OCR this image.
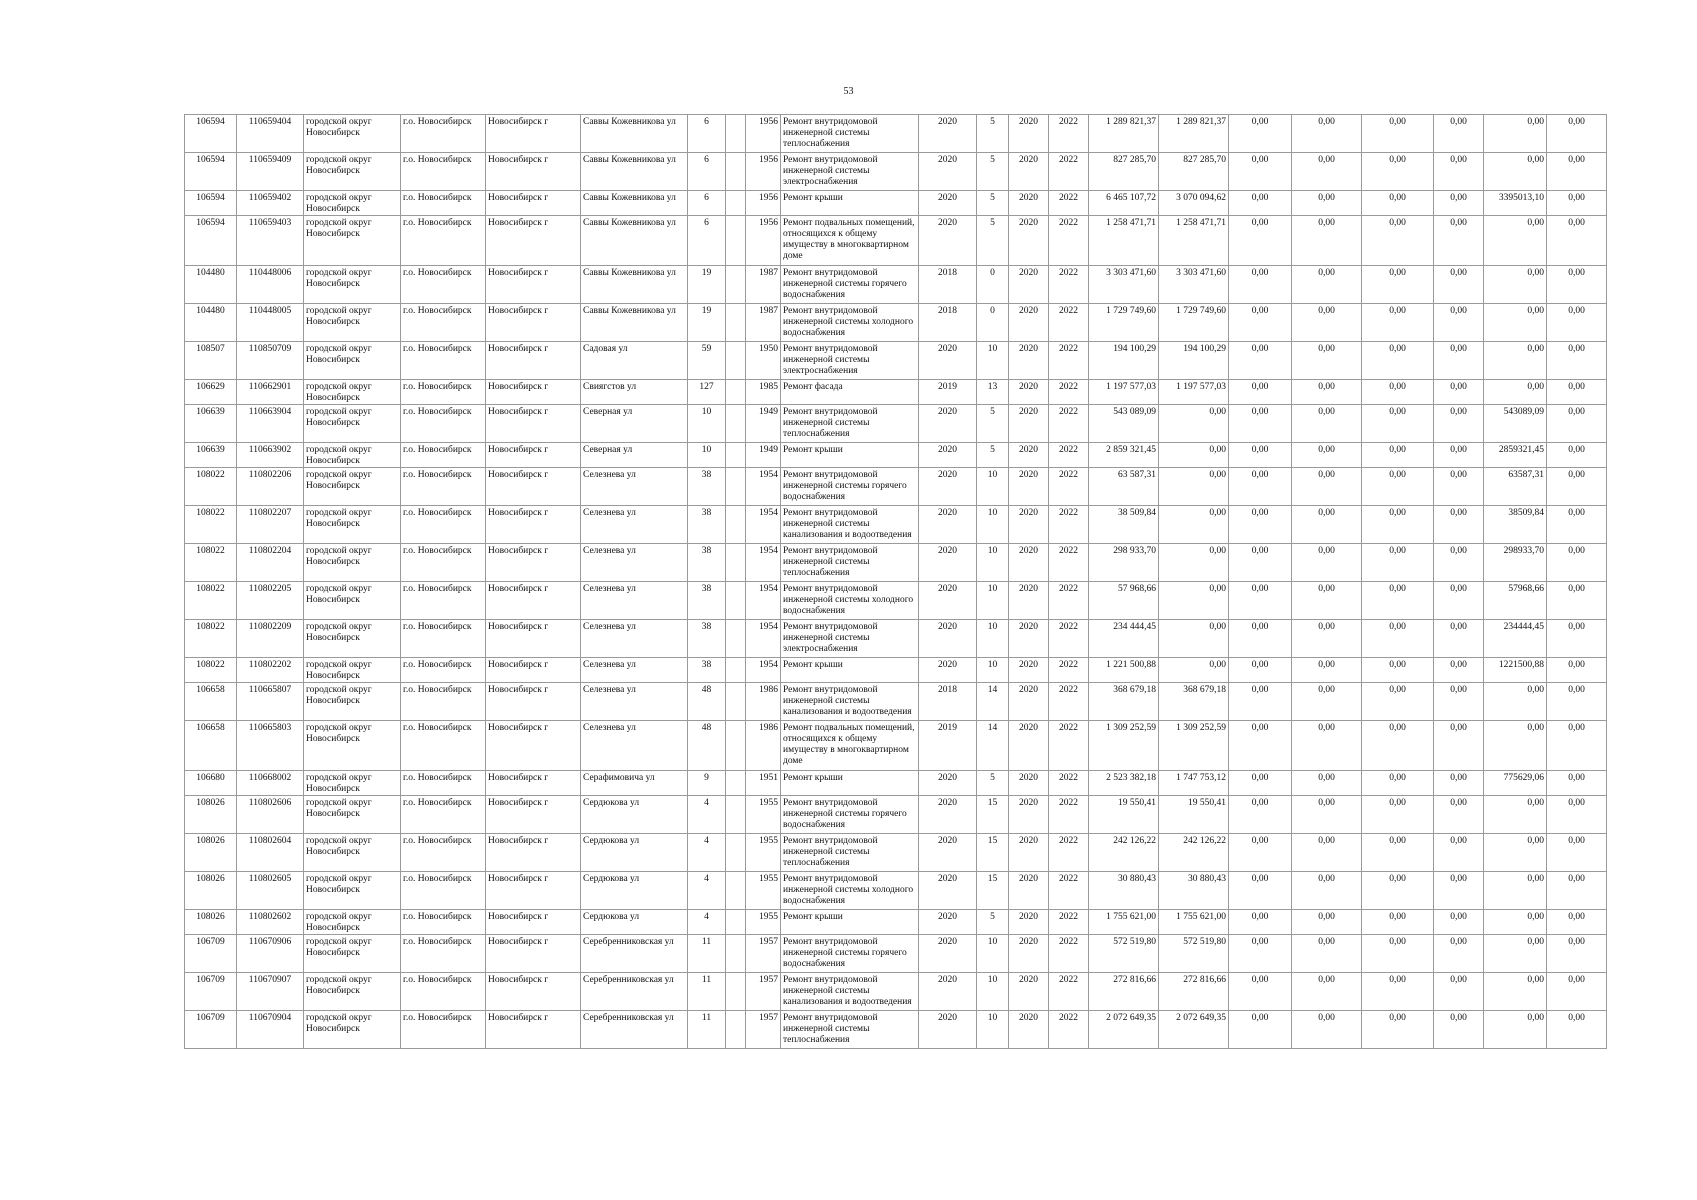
53
106594	110659404	городской округ Новосибирск	г.о. Новосибирск	Новосибирск г	Саввы Кожевникова ул	6		1956	Ремонт внутридомовой инженерной системы теплоснабжения	2020	5	2020	2022	1 289 821,37	1 289 821,37	0,00	0,00	0,00	0,00	0,00	0,00
106594	110659409	городской округ Новосибирск	г.о. Новосибирск	Новосибирск г	Саввы Кожевникова ул	6		1956	Ремонт внутридомовой инженерной системы электроснабжения	2020	5	2020	2022	827 285,70	827 285,70	0,00	0,00	0,00	0,00	0,00	0,00
106594	110659402	городской округ Новосибирск	г.о. Новосибирск	Новосибирск г	Саввы Кожевникова ул	6		1956	Ремонт крыши	2020	5	2020	2022	6 465 107,72	3 070 094,62	0,00	0,00	0,00	0,00	3395013,10	0,00
106594	110659403	городской округ Новосибирск	г.о. Новосибирск	Новосибирск г	Саввы Кожевникова ул	6		1956	Ремонт подвальных помещений, относящихся к общему имуществу в многоквартирном доме	2020	5	2020	2022	1 258 471,71	1 258 471,71	0,00	0,00	0,00	0,00	0,00	0,00
104480	110448006	городской округ Новосибирск	г.о. Новосибирск	Новосибирск г	Саввы Кожевникова ул	19		1987	Ремонт внутридомовой инженерной системы горячего водоснабжения	2018	0	2020	2022	3 303 471,60	3 303 471,60	0,00	0,00	0,00	0,00	0,00	0,00
104480	110448005	городской округ Новосибирск	г.о. Новосибирск	Новосибирск г	Саввы Кожевникова ул	19		1987	Ремонт внутридомовой инженерной системы холодного водоснабжения	2018	0	2020	2022	1 729 749,60	1 729 749,60	0,00	0,00	0,00	0,00	0,00	0,00
108507	110850709	городской округ Новосибирск	г.о. Новосибирск	Новосибирск г	Садовая ул	59		1950	Ремонт внутридомовой инженерной системы электроснабжения	2020	10	2020	2022	194 100,29	194 100,29	0,00	0,00	0,00	0,00	0,00	0,00
106629	110662901	городской округ Новосибирск	г.о. Новосибирск	Новосибирск г	Свиягстов ул	127		1985	Ремонт фасада	2019	13	2020	2022	1 197 577,03	1 197 577,03	0,00	0,00	0,00	0,00	0,00	0,00
106639	110663904	городской округ Новосибирск	г.о. Новосибирск	Новосибирск г	Северная ул	10		1949	Ремонт внутридомовой инженерной системы теплоснабжения	2020	5	2020	2022	543 089,09	0,00	0,00	0,00	0,00	0,00	543089,09	0,00
106639	110663902	городской округ Новосибирск	г.о. Новосибирск	Новосибирск г	Северная ул	10		1949	Ремонт крыши	2020	5	2020	2022	2 859 321,45	0,00	0,00	0,00	0,00	0,00	2859321,45	0,00
108022	110802206	городской округ Новосибирск	г.о. Новосибирск	Новосибирск г	Селезнева ул	38		1954	Ремонт внутридомовой инженерной системы горячего водоснабжения	2020	10	2020	2022	63 587,31	0,00	0,00	0,00	0,00	0,00	63587,31	0,00
108022	110802207	городской округ Новосибирск	г.о. Новосибирск	Новосибирск г	Селезнева ул	38		1954	Ремонт внутридомовой инженерной системы канализования и водоотведения	2020	10	2020	2022	38 509,84	0,00	0,00	0,00	0,00	0,00	38509,84	0,00
108022	110802204	городской округ Новосибирск	г.о. Новосибирск	Новосибирск г	Селезнева ул	38		1954	Ремонт внутридомовой инженерной системы теплоснабжения	2020	10	2020	2022	298 933,70	0,00	0,00	0,00	0,00	0,00	298933,70	0,00
108022	110802205	городской округ Новосибирск	г.о. Новосибирск	Новосибирск г	Селезнева ул	38		1954	Ремонт внутридомовой инженерной системы холодного водоснабжения	2020	10	2020	2022	57 968,66	0,00	0,00	0,00	0,00	0,00	57968,66	0,00
108022	110802209	городской округ Новосибирск	г.о. Новосибирск	Новосибирск г	Селезнева ул	38		1954	Ремонт внутридомовой инженерной системы электроснабжения	2020	10	2020	2022	234 444,45	0,00	0,00	0,00	0,00	0,00	234444,45	0,00
108022	110802202	городской округ Новосибирск	г.о. Новосибирск	Новосибирск г	Селезнева ул	38		1954	Ремонт крыши	2020	10	2020	2022	1 221 500,88	0,00	0,00	0,00	0,00	0,00	1221500,88	0,00
106658	110665807	городской округ Новосибирск	г.о. Новосибирск	Новосибирск г	Селезнева ул	48		1986	Ремонт внутридомовой инженерной системы канализования и водоотведения	2018	14	2020	2022	368 679,18	368 679,18	0,00	0,00	0,00	0,00	0,00	0,00
106658	110665803	городской округ Новосибирск	г.о. Новосибирск	Новосибирск г	Селезнева ул	48		1986	Ремонт подвальных помещений, относящихся к общему имуществу в многоквартирном доме	2019	14	2020	2022	1 309 252,59	1 309 252,59	0,00	0,00	0,00	0,00	0,00	0,00
106680	110668002	городской округ Новосибирск	г.о. Новосибирск	Новосибирск г	Серафимовича ул	9		1951	Ремонт крыши	2020	5	2020	2022	2 523 382,18	1 747 753,12	0,00	0,00	0,00	0,00	775629,06	0,00
108026	110802606	городской округ Новосибирск	г.о. Новосибирск	Новосибирск г	Сердюкова ул	4		1955	Ремонт внутридомовой инженерной системы горячего водоснабжения	2020	15	2020	2022	19 550,41	19 550,41	0,00	0,00	0,00	0,00	0,00	0,00
108026	110802604	городской округ Новосибирск	г.о. Новосибирск	Новосибирск г	Сердюкова ул	4		1955	Ремонт внутридомовой инженерной системы теплоснабжения	2020	15	2020	2022	242 126,22	242 126,22	0,00	0,00	0,00	0,00	0,00	0,00
108026	110802605	городской округ Новосибирск	г.о. Новосибирск	Новосибирск г	Сердюкова ул	4		1955	Ремонт внутридомовой инженерной системы холодного водоснабжения	2020	15	2020	2022	30 880,43	30 880,43	0,00	0,00	0,00	0,00	0,00	0,00
108026	110802602	городской округ Новосибирск	г.о. Новосибирск	Новосибирск г	Сердюкова ул	4		1955	Ремонт крыши	2020	5	2020	2022	1 755 621,00	1 755 621,00	0,00	0,00	0,00	0,00	0,00	0,00
106709	110670906	городской округ Новосибирск	г.о. Новосибирск	Новосибирск г	Серебренниковская ул	11		1957	Ремонт внутридомовой инженерной системы горячего водоснабжения	2020	10	2020	2022	572 519,80	572 519,80	0,00	0,00	0,00	0,00	0,00	0,00
106709	110670907	городской округ Новосибирск	г.о. Новосибирск	Новосибирск г	Серебренниковская ул	11		1957	Ремонт внутридомовой инженерной системы канализования и водоотведения	2020	10	2020	2022	272 816,66	272 816,66	0,00	0,00	0,00	0,00	0,00	0,00
106709	110670904	городской округ Новосибирск	г.о. Новосибирск	Новосибирск г	Серебренниковская ул	11		1957	Ремонт внутридомовой инженерной системы теплоснабжения	2020	10	2020	2022	2 072 649,35	2 072 649,35	0,00	0,00	0,00	0,00	0,00	0,00
